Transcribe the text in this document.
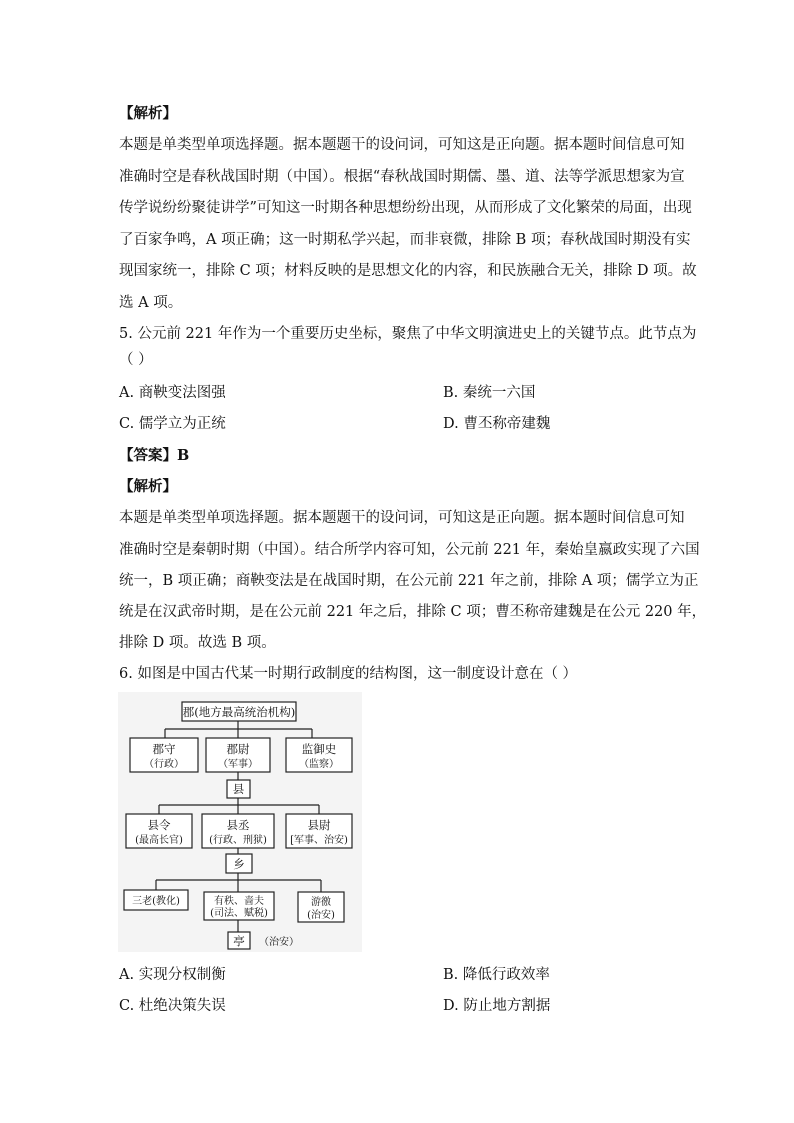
【解析】
本题是单类型单项选择题。据本题题干的设问词，可知这是正向题。据本题时间信息可知
准确时空是春秋战国时期（中国）。根据“春秋战国时期儒、墨、道、法等学派思想家为宣
传学说纷纷聚徒讲学”可知这一时期各种思想纷纷出现，从而形成了文化繁荣的局面，出现
了百家争鸣，A 项正确；这一时期私学兴起，而非衰微，排除 B 项；春秋战国时期没有实
现国家统一，排除 C 项；材料反映的是思想文化的内容，和民族融合无关，排除 D 项。故
选 A 项。
5. 公元前 221 年作为一个重要历史坐标，聚焦了中华文明演进史上的关键节点。此节点为
（ ）
A. 商鞅变法图强	B. 秦统一六国
C. 儒学立为正统	D. 曹丕称帝建魏
【答案】B
【解析】
本题是单类型单项选择题。据本题题干的设问词，可知这是正向题。据本题时间信息可知
准确时空是秦朝时期（中国）。结合所学内容可知，公元前 221 年，秦始皇嬴政实现了六国
统一，B 项正确；商鞅变法是在战国时期，在公元前 221 年之前，排除 A 项；儒学立为正
统是在汉武帝时期，是在公元前 221 年之后，排除 C 项；曹丕称帝建魏是在公元 220 年，
排除 D 项。故选 B 项。
6. 如图是中国古代某一时期行政制度的结构图，这一制度设计意在（ ）
郡(地方最高统治机构)
郡守
（行政）
郡尉
（军事）
监御史
（监察）
县
县令
(最高长官)
县丞
(行政、刑狱)
县尉
[军事、治安)
乡
三老(教化)	有秩、啬夫
(司法、赋税)
游徼
(治安)
亭 （治安）
A. 实现分权制衡	B. 降低行政效率
C. 杜绝决策失误	D. 防止地方割据
